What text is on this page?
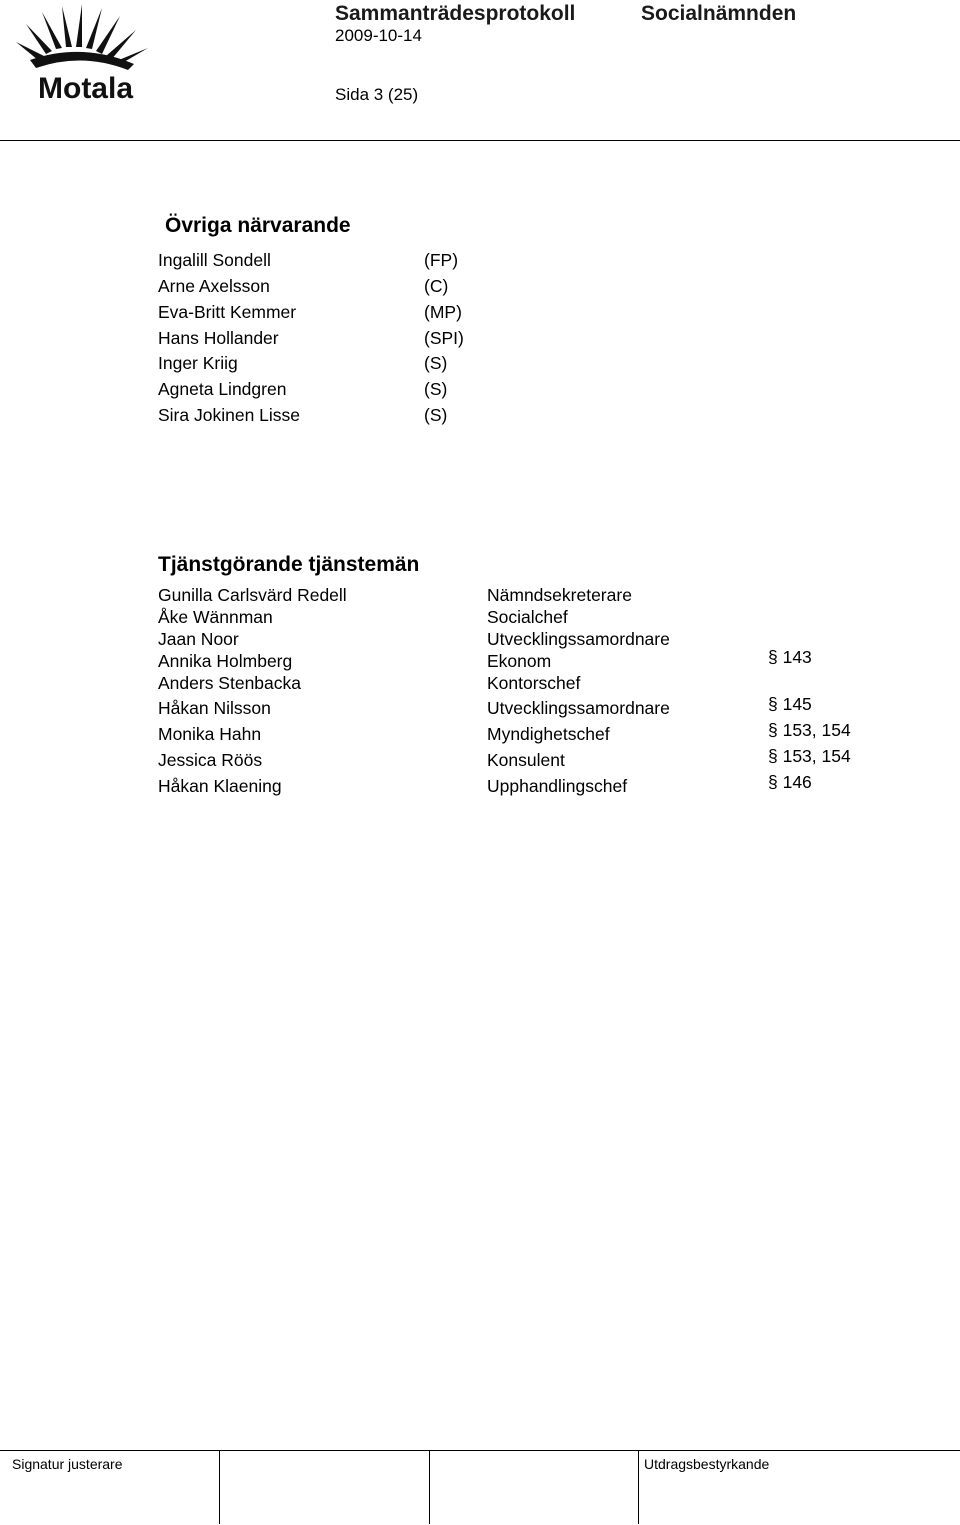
Motala
Sammanträdesprotokoll	Socialnämnden
2009-10-14
Sida 3 (25)
Övriga närvarande
Ingalill Sondell	(FP)
Arne Axelsson	(C)
Eva-Britt Kemmer	(MP)
Hans Hollander	(SPI)
Inger Kriig	(S)
Agneta Lindgren	(S)
Sira Jokinen Lisse	(S)
Tjänstgörande tjänstemän
Gunilla Carlsvärd Redell	Nämndsekreterare
Åke Wännman	Socialchef
Jaan Noor	Utvecklingssamordnare
Annika Holmberg	Ekonom	§ 143
Anders Stenbacka	Kontorschef
Håkan Nilsson	Utvecklingssamordnare	§ 145
Monika Hahn	Myndighetschef	§ 153, 154
Jessica Röös	Konsulent	§ 153, 154
Håkan Klaening	Upphandlingschef	§ 146
Signatur justerare	Utdragsbestyrkande
